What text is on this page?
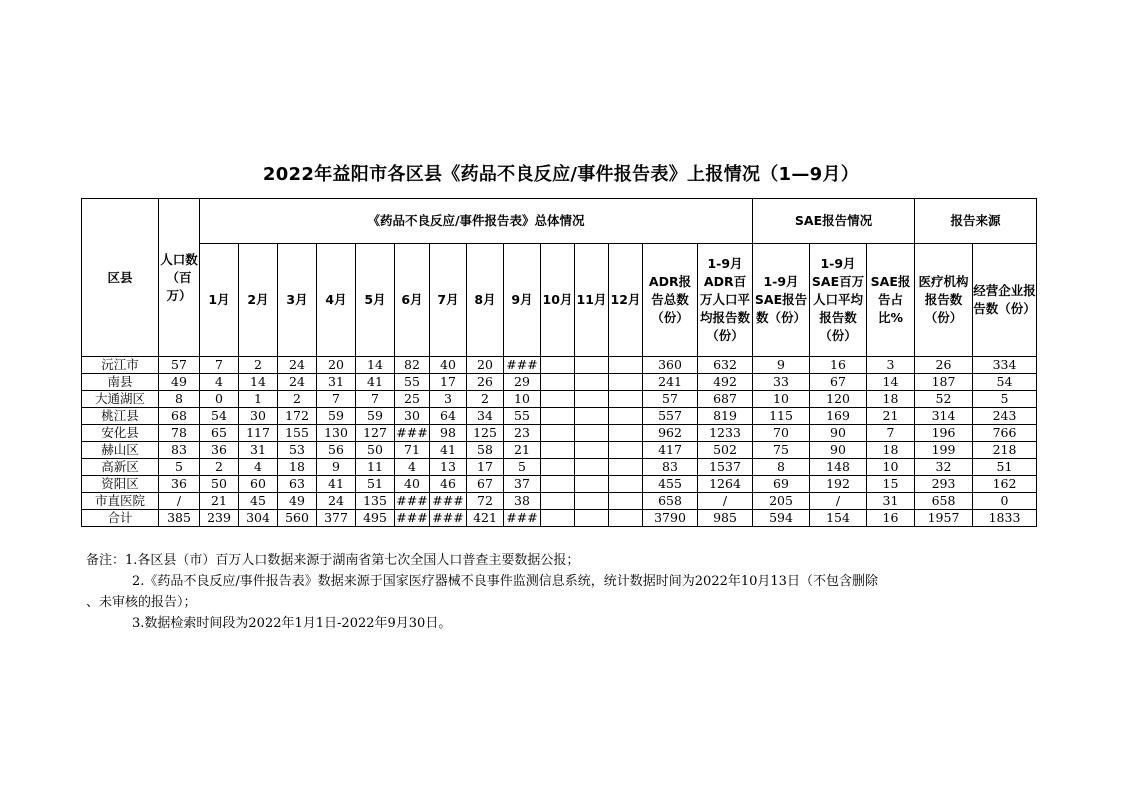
2022年益阳市各区县《药品不良反应/事件报告表》上报情况（1—9月）
区县	人口数（百万）	《药品不良反应/事件报告表》总体情况														SAE报告情况			报告来源	
		1月	2月	3月	4月	5月	6月	7月	8月	9月	10月	11月	12月	ADR报告总数（份）	1-9月ADR百万人口平均报告数（份）	1-9月SAE报告数（份）	1-9月SAE百万人口平均报告数（份）	SAE报告占比%	医疗机构报告数（份）	经营企业报告数（份）
沅江市	57	7	2	24	20	14	82	40	20	###				360	632	9	16	3	26	334
南县	49	4	14	24	31	41	55	17	26	29				241	492	33	67	14	187	54
大通湖区	8	0	1	2	7	7	25	3	2	10				57	687	10	120	18	52	5
桃江县	68	54	30	172	59	59	30	64	34	55				557	819	115	169	21	314	243
安化县	78	65	117	155	130	127	###	98	125	23				962	1233	70	90	7	196	766
赫山区	83	36	31	53	56	50	71	41	58	21				417	502	75	90	18	199	218
高新区	5	2	4	18	9	11	4	13	17	5				83	1537	8	148	10	32	51
资阳区	36	50	60	63	41	51	40	46	67	37				455	1264	69	192	15	293	162
市直医院	/	21	45	49	24	135	###	###	72	38				658	/	205	/	31	658	0
合计	385	239	304	560	377	495	###	###	421	###				3790	985	594	154	16	1957	1833
备注：1.各区县（市）百万人口数据来源于湖南省第七次全国人口普查主要数据公报；
2.《药品不良反应/事件报告表》数据来源于国家医疗器械不良事件监测信息系统，统计数据时间为2022年10月13日（不包含删除
、未审核的报告）；
3.数据检索时间段为2022年1月1日-2022年9月30日。
